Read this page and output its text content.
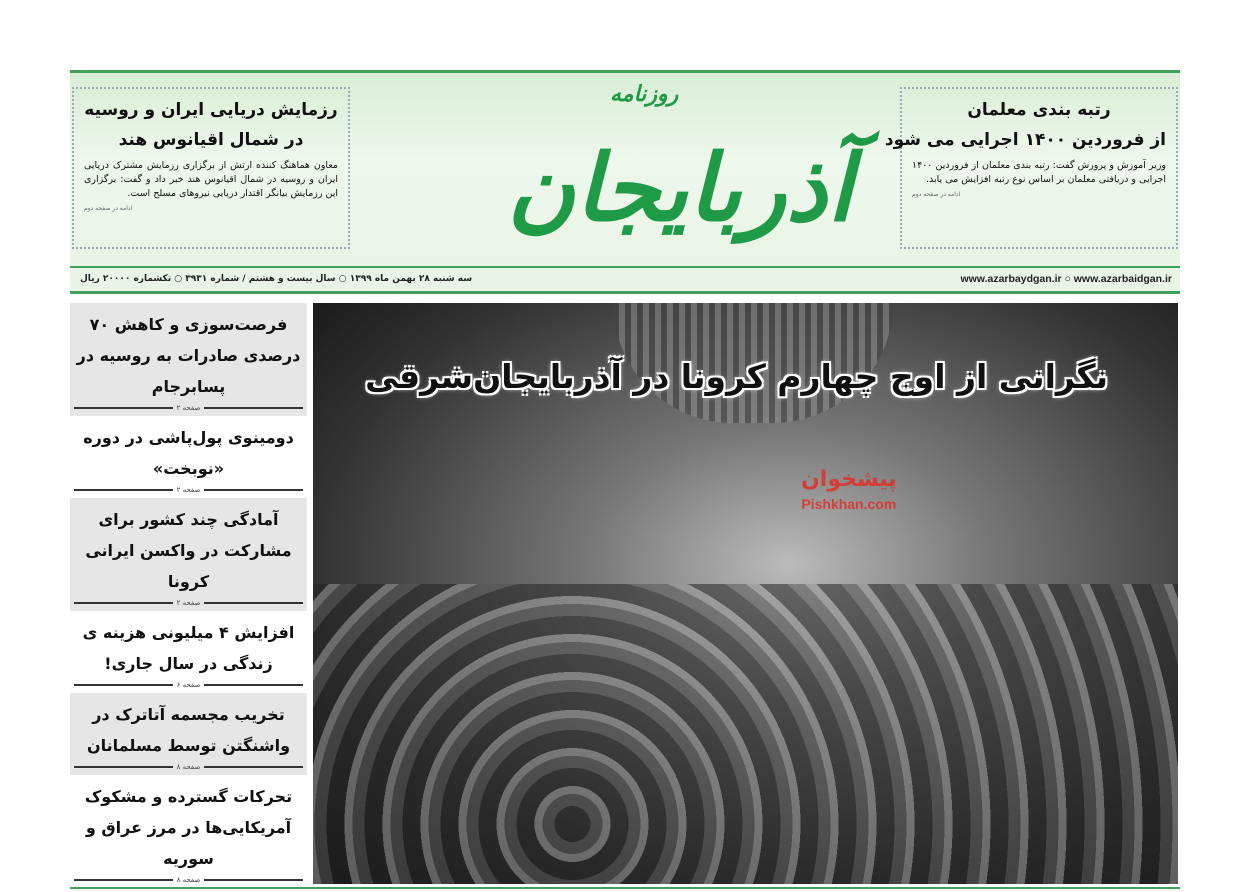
رتبه بندی معلمان
از فروردین ۱۴۰۰ اجرایی می شود

وزیر آموزش و پرورش گفت: رتبه بندی معلمان از فروردین ۱۴۰۰ اجرایی و دریافتی معلمان بر اساس نوع رتبه افزایش می یابد.

ادامه در صفحه دوم
روزنامه
آذربایجان
رزمایش دریایی ایران و روسیه
در شمال اقیانوس هند

معاون هماهنگ کننده ارتش از برگزاری رزمایش مشترک دریایی ایران و روسیه در شمال اقیانوس هند خبر داد و گفت: برگزاری این رزمایش بیانگر اقتدار دریایی نیروهای مسلح است.

ادامه در صفحه دوم
سه شنبه ۲۸ بهمن ماه ۱۳۹۹ ○ سال بیست و هشتم / شماره ۳۹۳۱ ○ تکشماره ۲۰۰۰۰ ریال	www.azarbaydgan.ir ○ www.azarbaidgan.ir
فرصت‌سوزی و کاهش ۷۰ درصدی صادرات به روسیه در پسابرجام
صفحه ۲
دومینوی پول‌پاشی در دوره «نوبخت»
صفحه ۲
آمادگی چند کشور برای مشارکت در واکسن ایرانی کرونا
صفحه ۲
افزایش ۴ میلیونی هزینه ی زندگی در سال جاری!
صفحه ۶
تخریب مجسمه آتاترک در واشنگتن توسط مسلمانان
صفحه ۸
تحرکات گسترده و مشکوک آمریکایی‌ها در مرز عراق و سوریه
صفحه ۸
نگرانی از اوج چهارم کرونا در آذربایجان‌شرقی
پیشخوان
Pishkhan.com
